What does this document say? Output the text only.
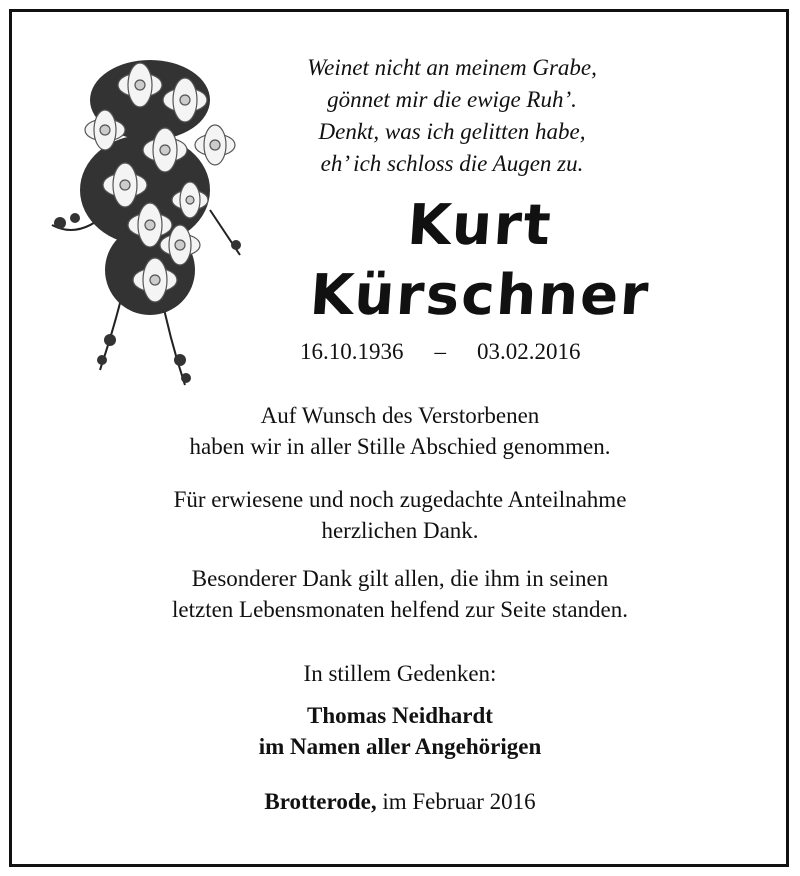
Weinet nicht an meinem Grabe,
gönnet mir die ewige Ruh’.
Denkt, was ich gelitten habe,
eh’ ich schloss die Augen zu.
Kurt
Kürschner
16.10.1936 – 03.02.2016
Auf Wunsch des Verstorbenen
haben wir in aller Stille Abschied genommen.
Für erwiesene und noch zugedachte Anteilnahme
herzlichen Dank.
Besonderer Dank gilt allen, die ihm in seinen
letzten Lebensmonaten helfend zur Seite standen.
In stillem Gedenken:
Thomas Neidhardt
im Namen aller Angehörigen
Brotterode, im Februar 2016
